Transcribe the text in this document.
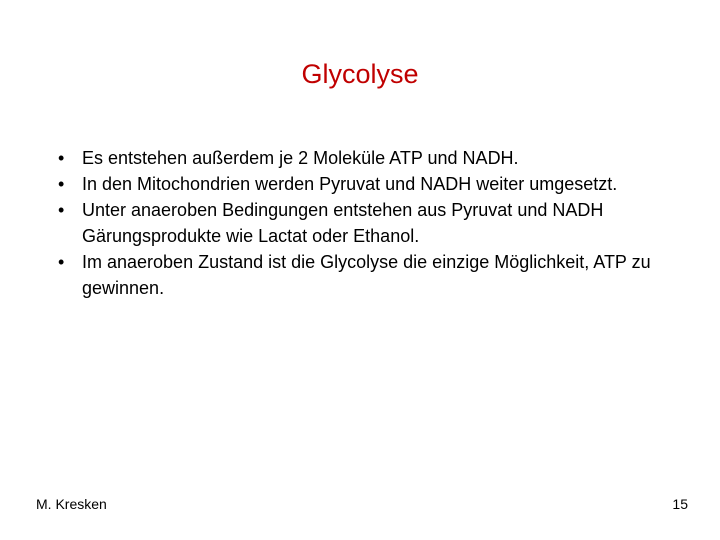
Glycolyse
• Es entstehen außerdem je 2 Moleküle ATP und NADH.
• In den Mitochondrien werden Pyruvat und NADH weiter umgesetzt.
• Unter anaeroben Bedingungen entstehen aus Pyruvat und NADH Gärungsprodukte wie Lactat oder Ethanol.
• Im anaeroben Zustand ist die Glycolyse die einzige Möglichkeit, ATP zu gewinnen.
M. Kresken	15
